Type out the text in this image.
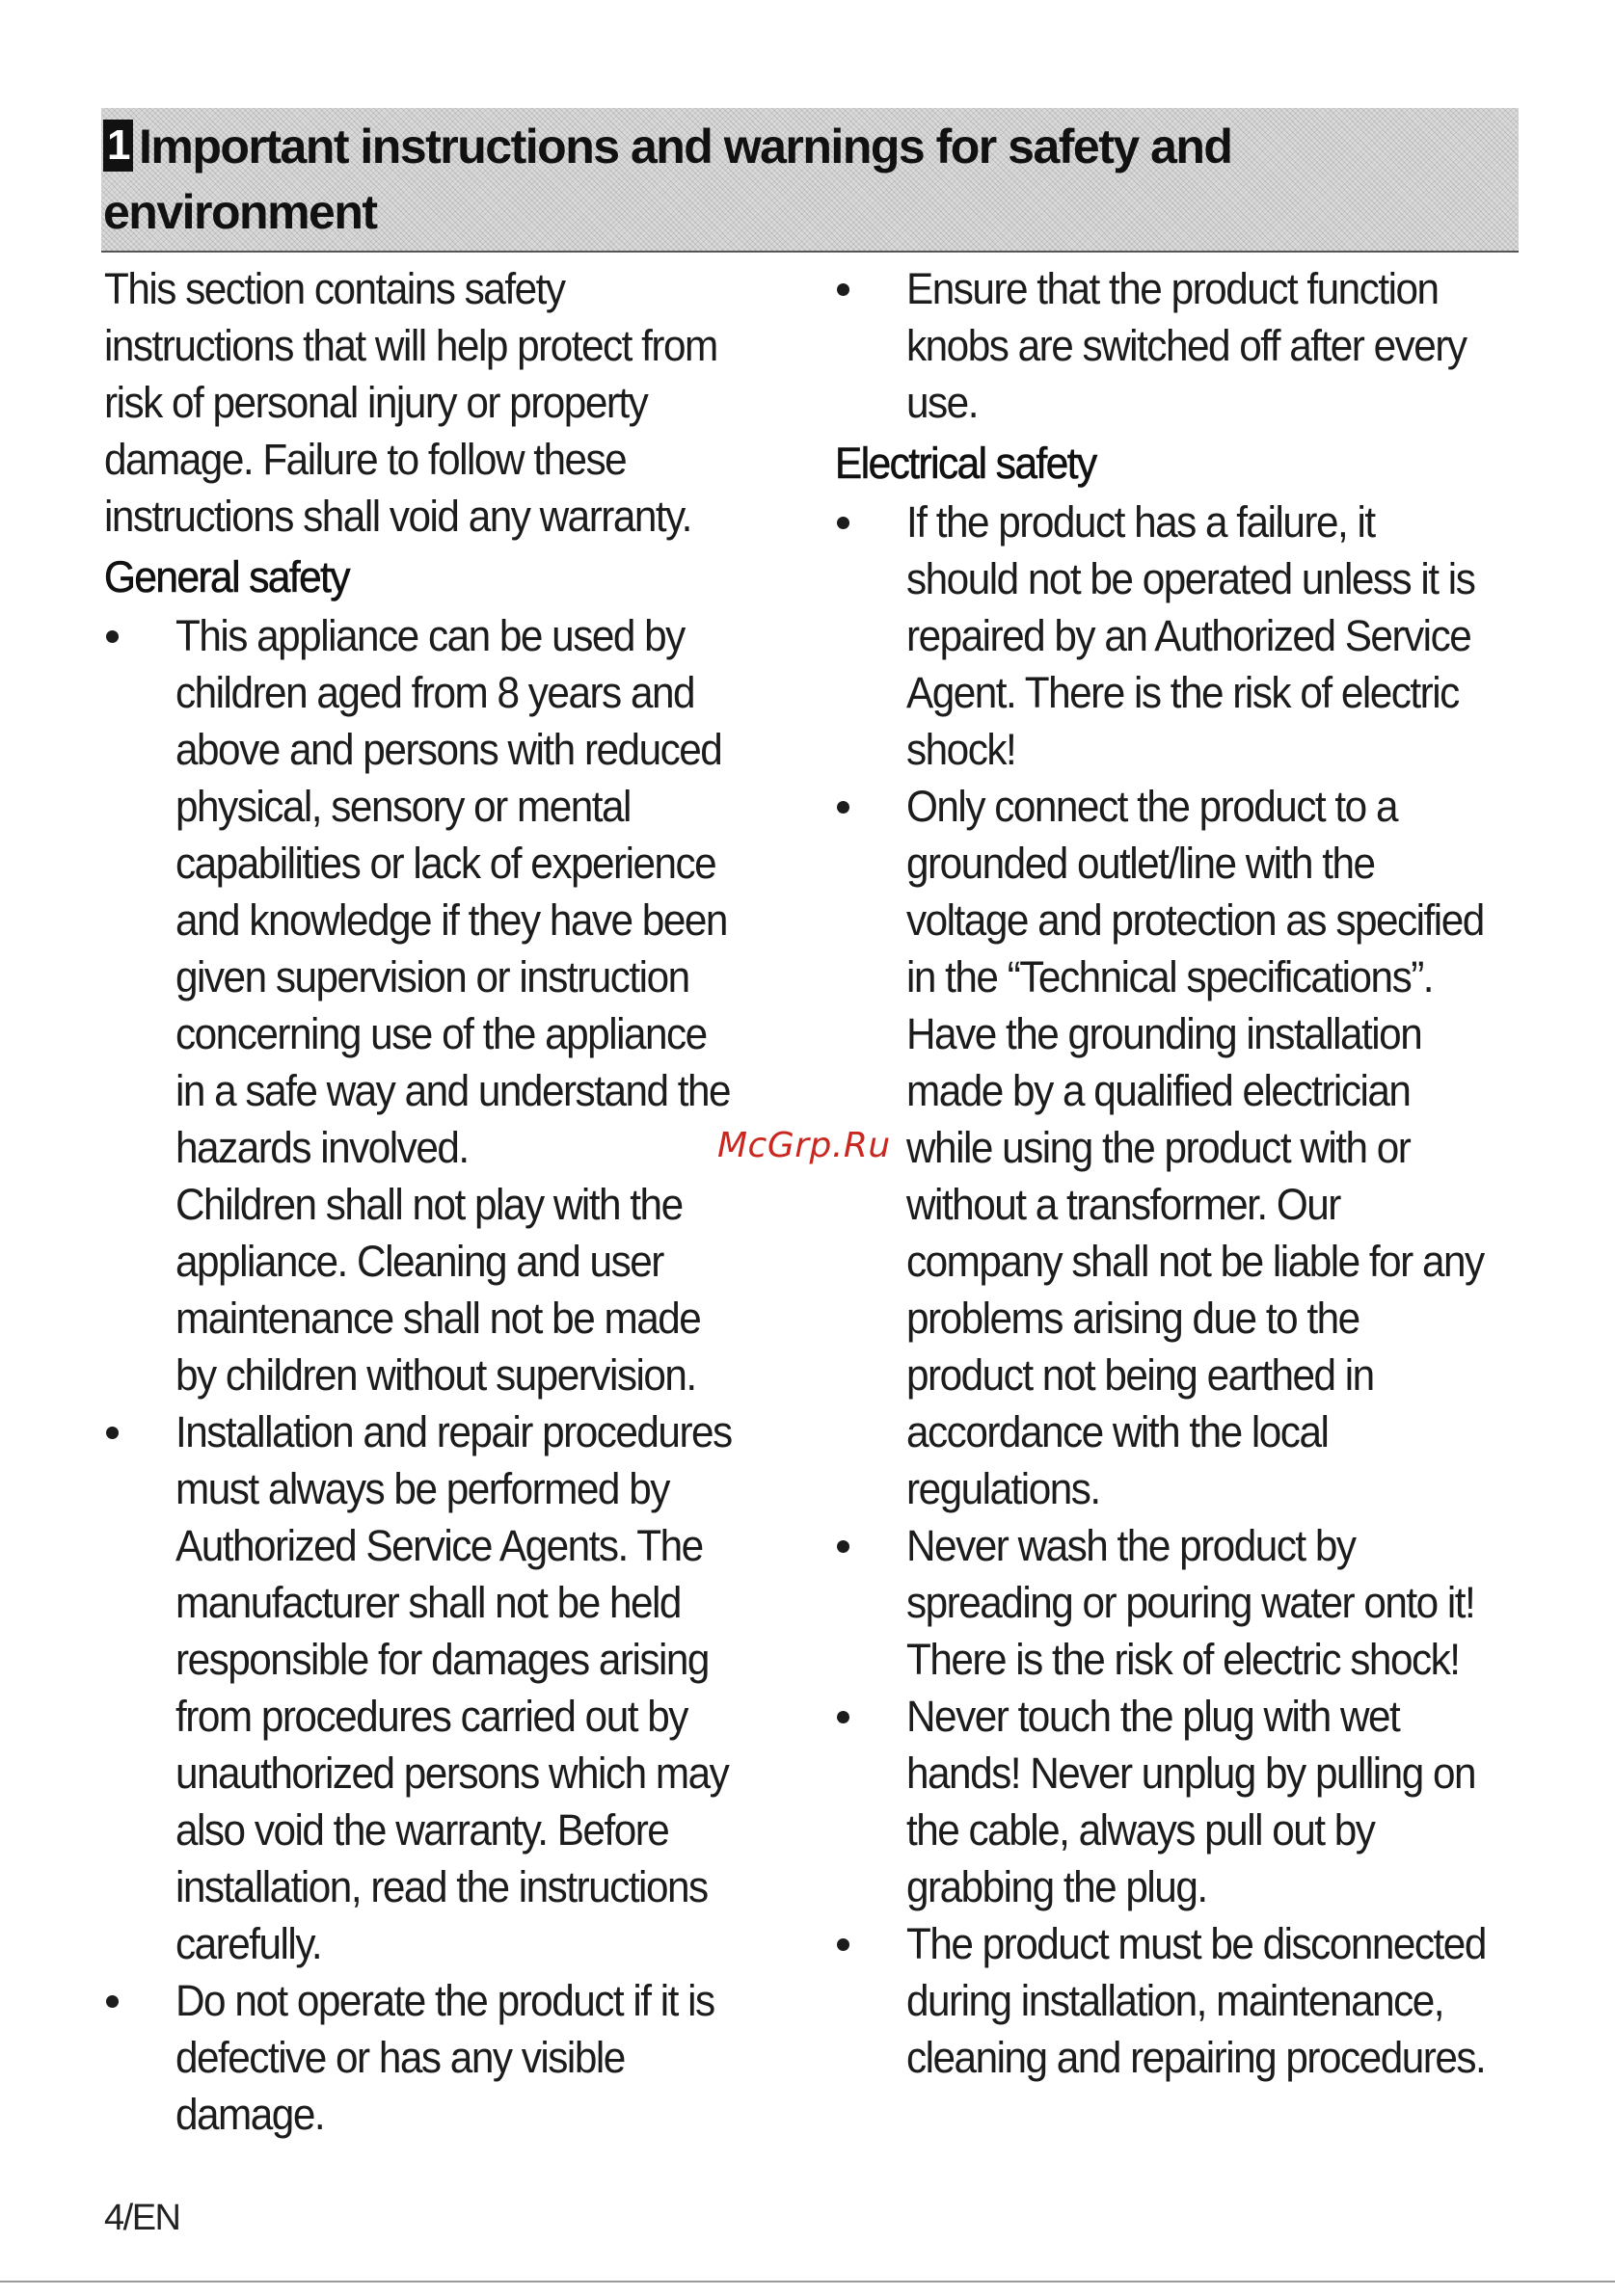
1 Important instructions and warnings for safety and environment

This section contains safety instructions that will help protect from risk of personal injury or property damage. Failure to follow these instructions shall void any warranty.

General safety

This appliance can be used by children aged from 8 years and above and persons with reduced physical, sensory or mental capabilities or lack of experience and knowledge if they have been given supervision or instruction concerning use of the appliance in a safe way and understand the hazards involved.

Children shall not play with the appliance. Cleaning and user maintenance shall not be made by children without supervision.

Installation and repair procedures must always be performed by Authorized Service Agents. The manufacturer shall not be held responsible for damages arising from procedures carried out by unauthorized persons which may also void the warranty. Before installation, read the instructions carefully.

Do not operate the product if it is defective or has any visible damage.

Ensure that the product function knobs are switched off after every use.

Electrical safety

If the product has a failure, it should not be operated unless it is repaired by an Authorized Service Agent. There is the risk of electric shock!

Only connect the product to a grounded outlet/line with the voltage and protection as specified in the “Technical specifications”. Have the grounding installation made by a qualified electrician while using the product with or without a transformer. Our company shall not be liable for any problems arising due to the product not being earthed in accordance with the local regulations.

Never wash the product by spreading or pouring water onto it! There is the risk of electric shock!

Never touch the plug with wet hands! Never unplug by pulling on the cable, always pull out by grabbing the plug.

The product must be disconnected during installation, maintenance, cleaning and repairing procedures.

McGrp.Ru
4/EN
